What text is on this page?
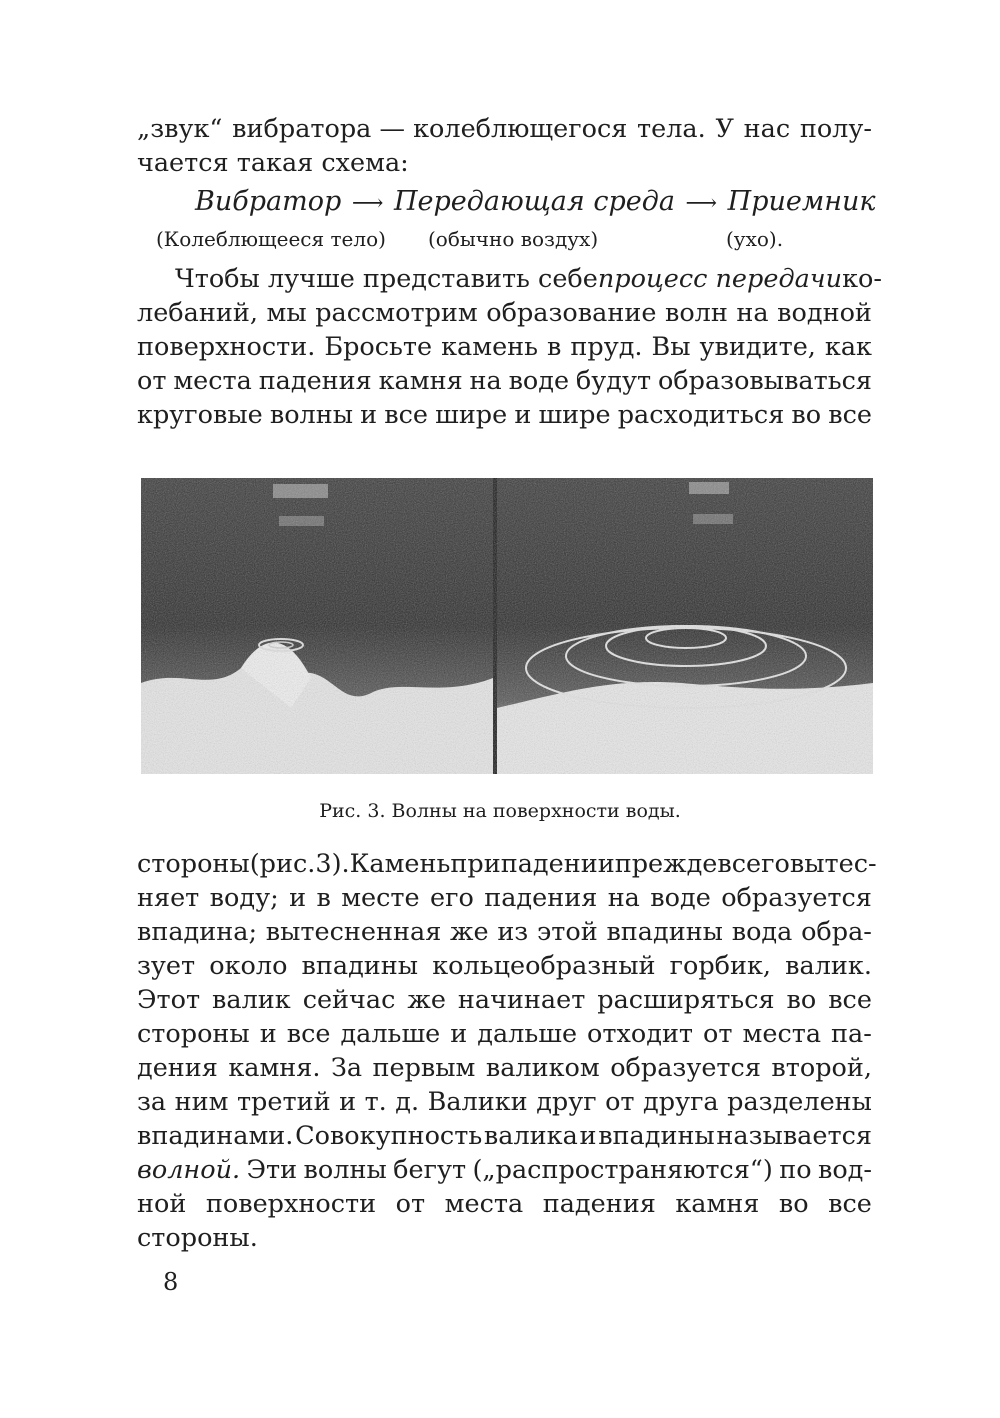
„звук“ вибратора — колеблющегося тела. У нас полу-
чается такая схема:
Вибратор ⟶ Передающая среда ⟶ Приемник
(Колеблющееся тело) (обычно воздух)	(ухо).
Чтобы лучше представить себе процесс передачи ко-
лебаний, мы рассмотрим образование волн на водной
поверхности. Бросьте камень в пруд. Вы увидите, как
от места падения камня на воде будут образовываться
круговые волны и все шире и шире расходиться во все
Рис. 3. Волны на поверхности воды.
стороны (рис. 3). Камень при падении прежде всего вытес-
няет воду; и в месте его падения на воде образуется
впадина; вытесненная же из этой впадины вода обра-
зует около впадины кольцеобразный горбик, валик.
Этот валик сейчас же начинает расширяться во все
стороны и все дальше и дальше отходит от места па-
дения камня. За первым валиком образуется второй,
за ним третий и т. д. Валики друг от друга разделены
впадинами. Совокупность валика и впадины называется
волной. Эти волны бегут („распространяются“) по вод-
ной поверхности от места падения камня во все
стороны.
8
